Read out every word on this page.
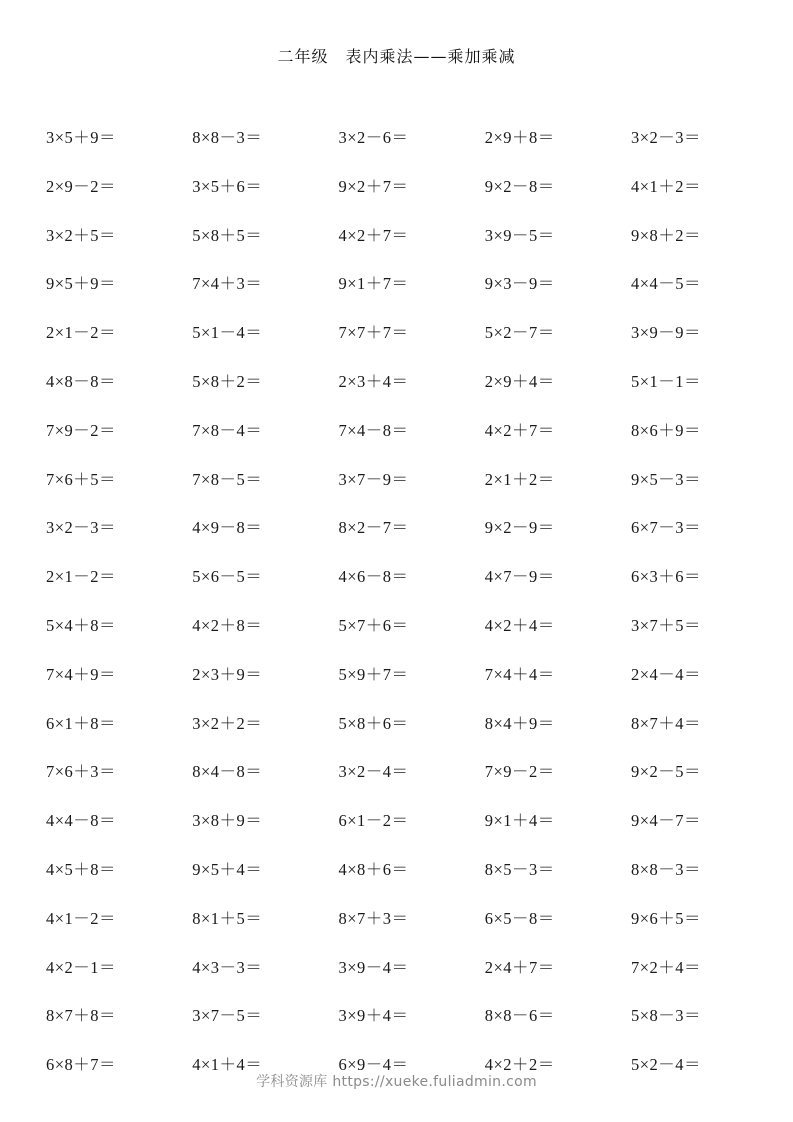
二年级　表内乘法——乘加乘减
3×5＋9＝	8×8－3＝	3×2－6＝	2×9＋8＝	3×2－3＝
2×9－2＝	3×5＋6＝	9×2＋7＝	9×2－8＝	4×1＋2＝
3×2＋5＝	5×8＋5＝	4×2＋7＝	3×9－5＝	9×8＋2＝
9×5＋9＝	7×4＋3＝	9×1＋7＝	9×3－9＝	4×4－5＝
2×1－2＝	5×1－4＝	7×7＋7＝	5×2－7＝	3×9－9＝
4×8－8＝	5×8＋2＝	2×3＋4＝	2×9＋4＝	5×1－1＝
7×9－2＝	7×8－4＝	7×4－8＝	4×2＋7＝	8×6＋9＝
7×6＋5＝	7×8－5＝	3×7－9＝	2×1＋2＝	9×5－3＝
3×2－3＝	4×9－8＝	8×2－7＝	9×2－9＝	6×7－3＝
2×1－2＝	5×6－5＝	4×6－8＝	4×7－9＝	6×3＋6＝
5×4＋8＝	4×2＋8＝	5×7＋6＝	4×2＋4＝	3×7＋5＝
7×4＋9＝	2×3＋9＝	5×9＋7＝	7×4＋4＝	2×4－4＝
6×1＋8＝	3×2＋2＝	5×8＋6＝	8×4＋9＝	8×7＋4＝
7×6＋3＝	8×4－8＝	3×2－4＝	7×9－2＝	9×2－5＝
4×4－8＝	3×8＋9＝	6×1－2＝	9×1＋4＝	9×4－7＝
4×5＋8＝	9×5＋4＝	4×8＋6＝	8×5－3＝	8×8－3＝
4×1－2＝	8×1＋5＝	8×7＋3＝	6×5－8＝	9×6＋5＝
4×2－1＝	4×3－3＝	3×9－4＝	2×4＋7＝	7×2＋4＝
8×7＋8＝	3×7－5＝	3×9＋4＝	8×8－6＝	5×8－3＝
6×8＋7＝	4×1＋4＝	6×9－4＝	4×2＋2＝	5×2－4＝
学科资源库 https://xueke.fuliadmin.com
